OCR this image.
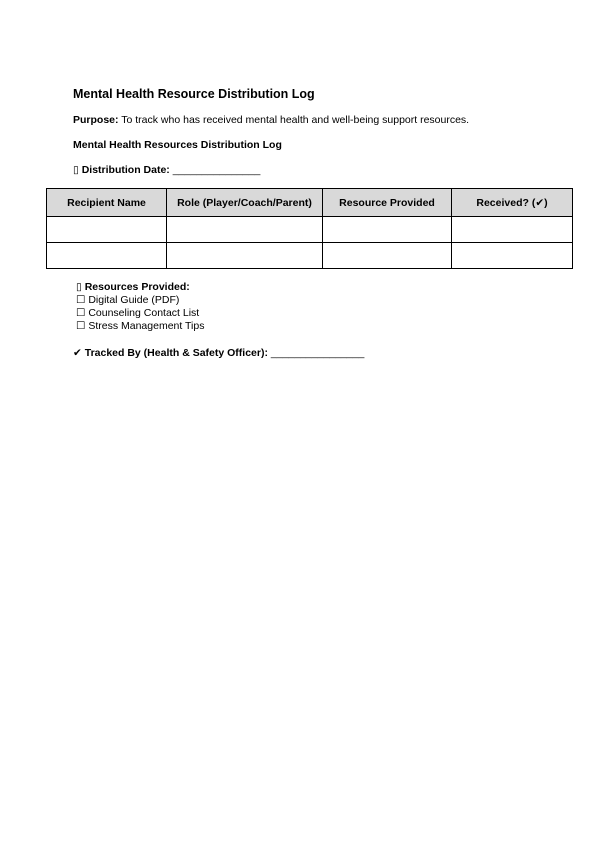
Mental Health Resource Distribution Log
Purpose: To track who has received mental health and well-being support resources.
Mental Health Resources Distribution Log
▯ Distribution Date: _______________
Recipient Name	Role (Player/Coach/Parent)	Resource Provided	Received? (✔)

▯ Resources Provided:
☐ Digital Guide (PDF)
☐ Counseling Contact List
☐ Stress Management Tips
✔ Tracked By (Health & Safety Officer): ________________
